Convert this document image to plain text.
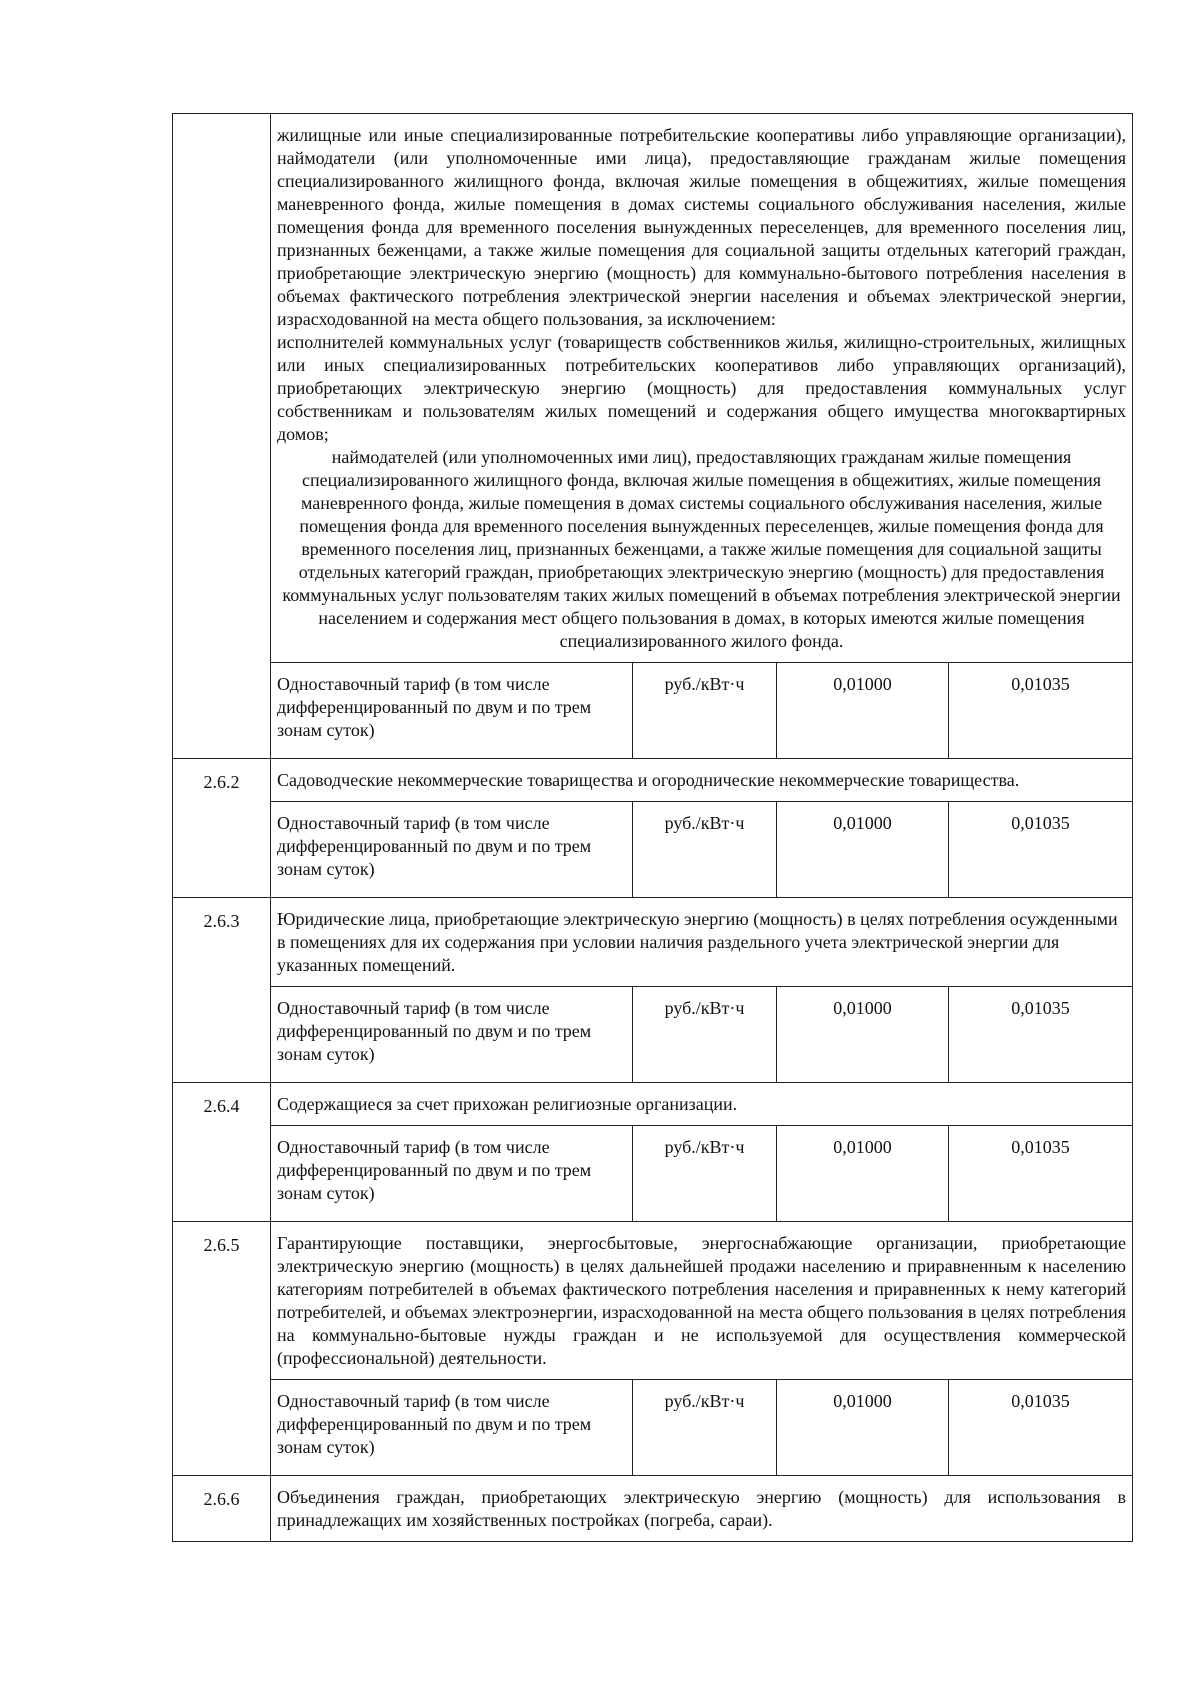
	жилищные или иные специализированные потребительские кооперативы либо управляющие организации), наймодатели (или уполномоченные ими лица), предоставляющие гражданам жилые помещения специализированного жилищного фонда, включая жилые помещения в общежитиях, жилые помещения маневренного фонда, жилые помещения в домах системы социального обслуживания населения, жилые помещения фонда для временного поселения вынужденных переселенцев, для временного поселения лиц, признанных беженцами, а также жилые помещения для социальной защиты отдельных категорий граждан, приобретающие электрическую энергию (мощность) для коммунально-бытового потребления населения в объемах фактического потребления электрической энергии населения и объемах электрической энергии, израсходованной на места общего пользования, за исключением:
исполнителей коммунальных услуг (товариществ собственников жилья, жилищно-строительных, жилищных или иных специализированных потребительских кооперативов либо управляющих организаций), приобретающих электрическую энергию (мощность) для предоставления коммунальных услуг собственникам и пользователям жилых помещений и содержания общего имущества многоквартирных домов;
наймодателей (или уполномоченных ими лиц), предоставляющих гражданам жилые помещения специализированного жилищного фонда, включая жилые помещения в общежитиях, жилые помещения маневренного фонда, жилые помещения в домах системы социального обслуживания населения, жилые помещения фонда для временного поселения вынужденных переселенцев, жилые помещения фонда для временного поселения лиц, признанных беженцами, а также жилые помещения для социальной защиты отдельных категорий граждан, приобретающих электрическую энергию (мощность) для предоставления коммунальных услуг пользователям таких жилых помещений в объемах потребления электрической энергии населением и содержания мест общего пользования в домах, в которых имеются жилые помещения специализированного жилого фонда.			

	Одноставочный тариф (в том числе дифференцированный по двум и по трем зонам суток)	руб./кВт·ч	0,01000	0,01035
2.6.2	Садоводческие некоммерческие товарищества и огороднические некоммерческие товарищества.			
	Одноставочный тариф (в том числе дифференцированный по двум и по трем зонам суток)	руб./кВт·ч	0,01000	0,01035
2.6.3	Юридические лица, приобретающие электрическую энергию (мощность) в целях потребления осужденными в помещениях для их содержания при условии наличия раздельного учета электрической энергии для указанных помещений.			
	Одноставочный тариф (в том числе дифференцированный по двум и по трем зонам суток)	руб./кВт·ч	0,01000	0,01035
2.6.4	Содержащиеся за счет прихожан религиозные организации.			
	Одноставочный тариф (в том числе дифференцированный по двум и по трем зонам суток)	руб./кВт·ч	0,01000	0,01035
2.6.5	Гарантирующие поставщики, энергосбытовые, энергоснабжающие организации, приобретающие электрическую энергию (мощность) в целях дальнейшей продажи населению и приравненным к населению категориям потребителей в объемах фактического потребления населения и приравненных к нему категорий потребителей, и объемах электроэнергии, израсходованной на места общего пользования в целях потребления на коммунально-бытовые нужды граждан и не используемой для осуществления коммерческой (профессиональной) деятельности.			
	Одноставочный тариф (в том числе дифференцированный по двум и по трем зонам суток)	руб./кВт·ч	0,01000	0,01035
2.6.6	Объединения граждан, приобретающих электрическую энергию (мощность) для использования в принадлежащих им хозяйственных постройках (погреба, сараи).			
